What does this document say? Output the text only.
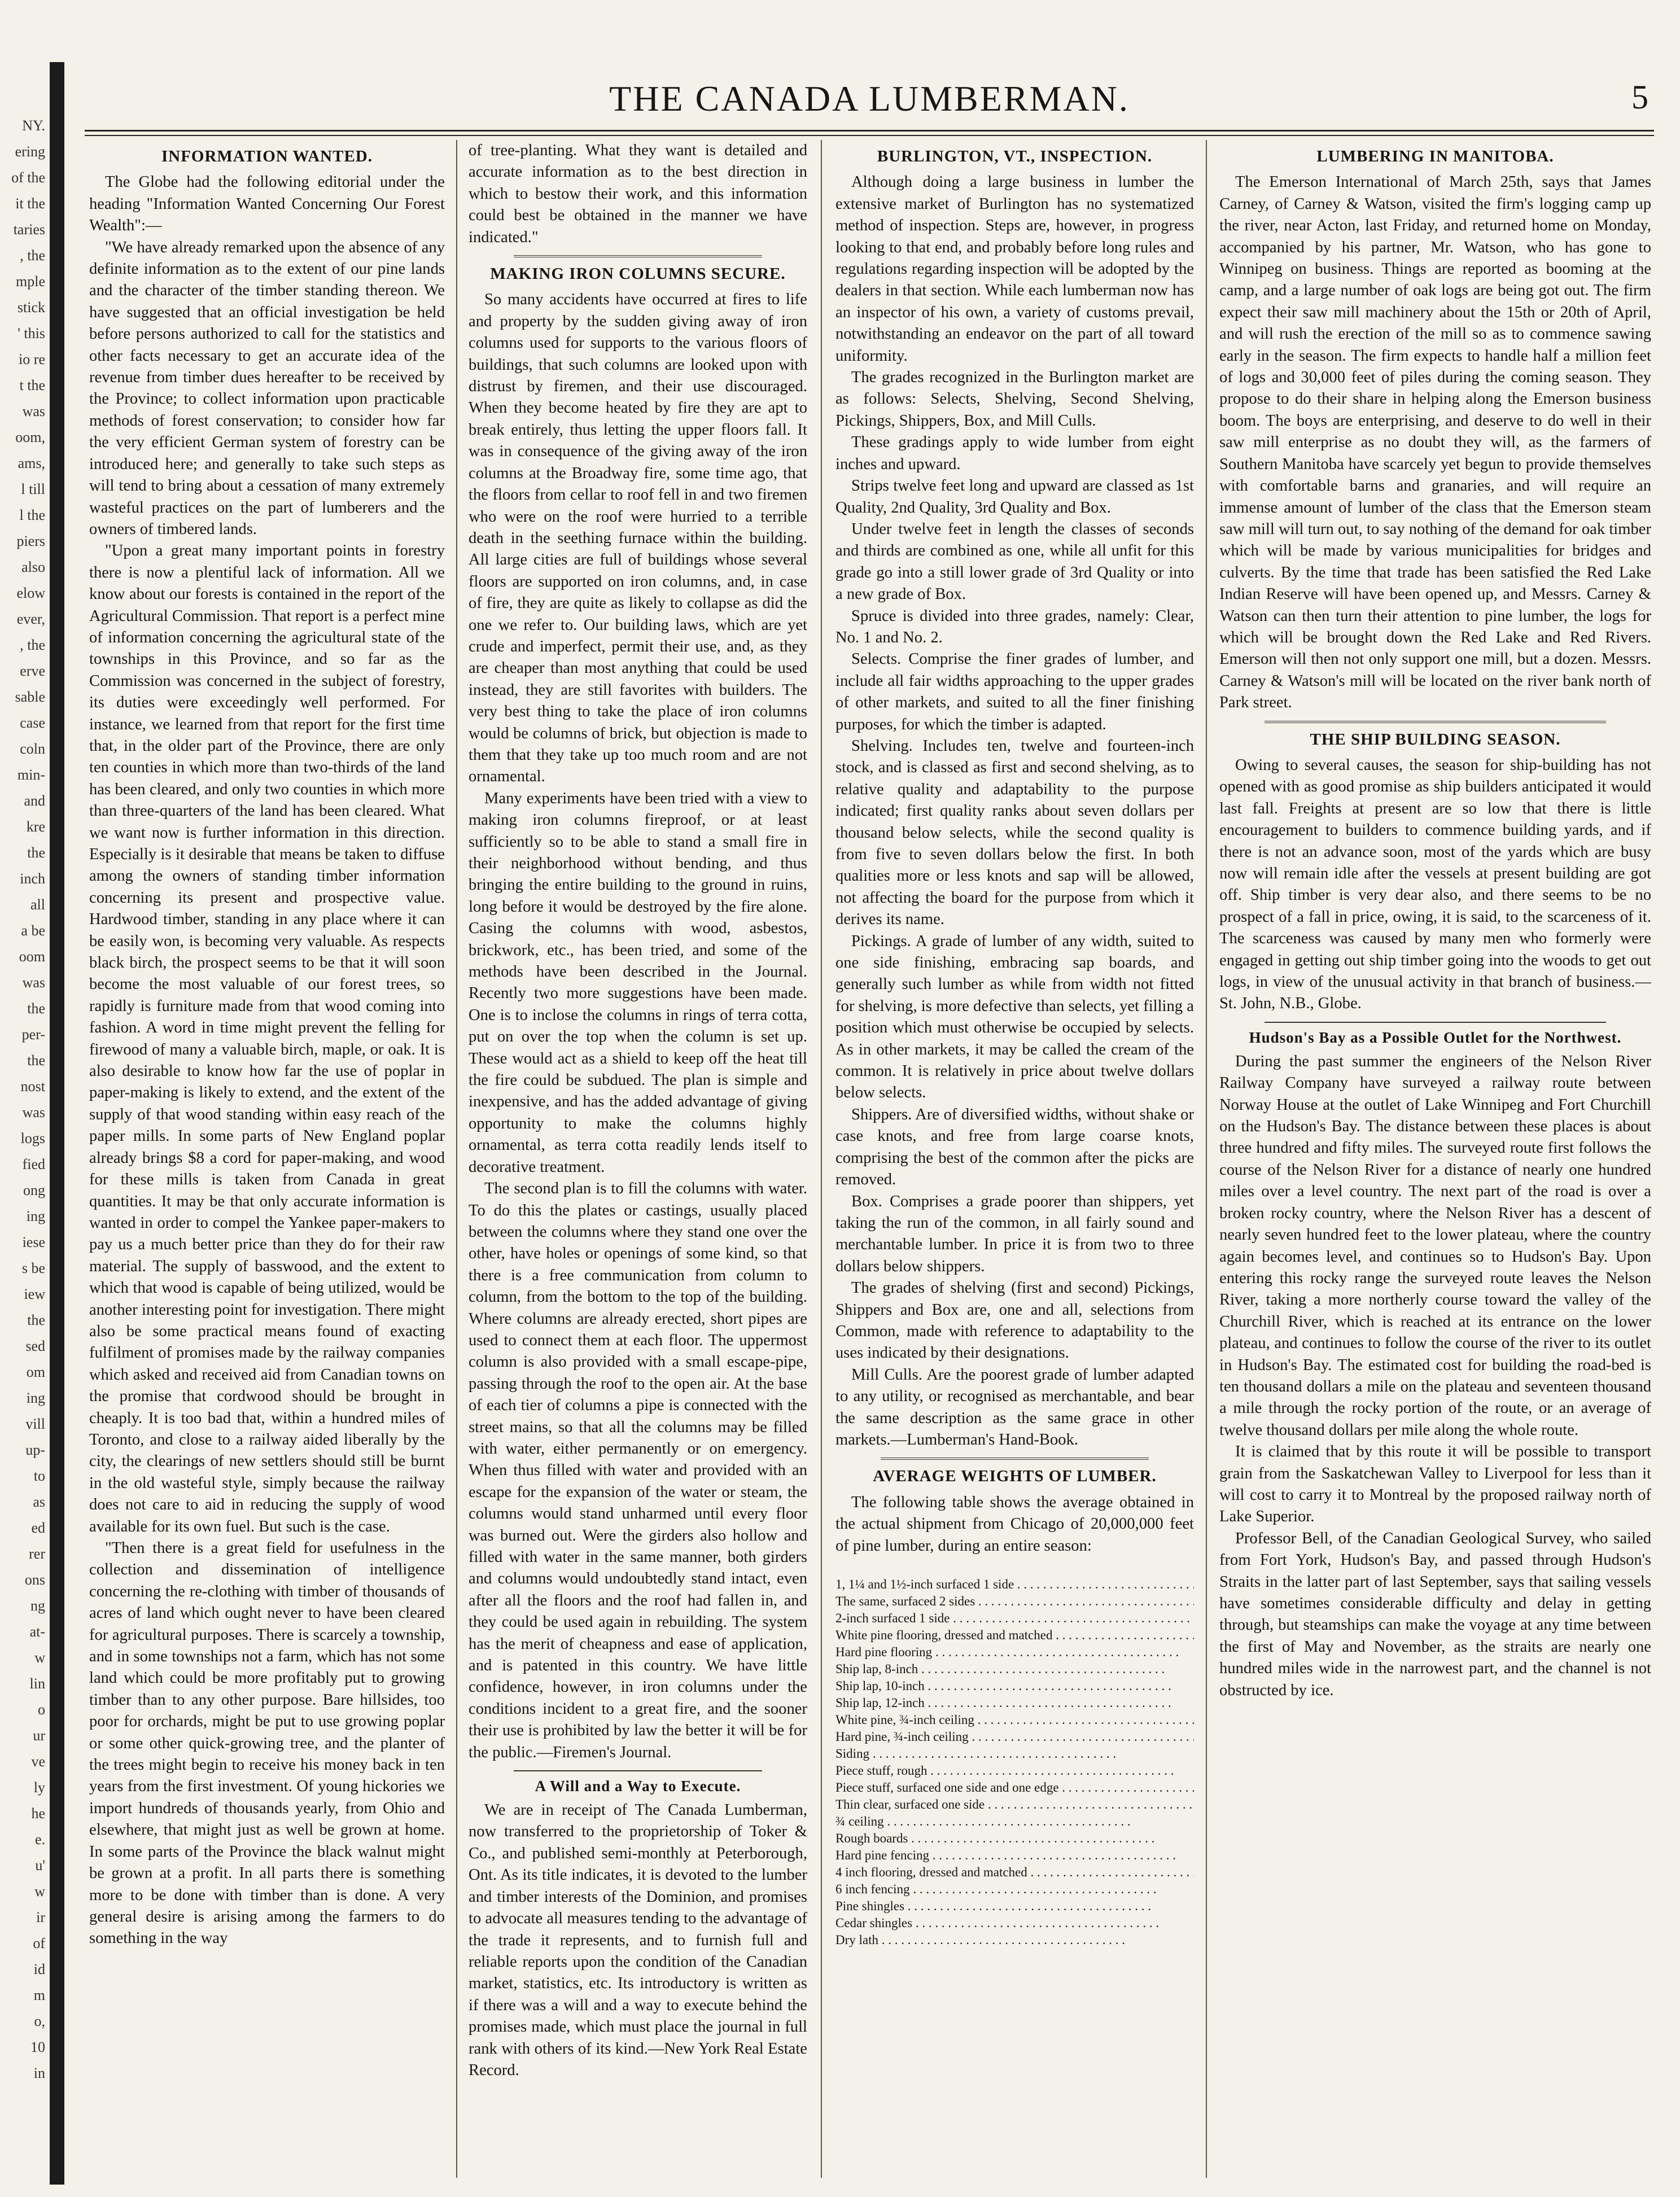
NY.
ering
of the
it the
taries
, the
mple
stick
' this
io re
t the
was
oom,
ams,
l till
l the
piers
also
elow
ever,
, the
erve
sable
case
coln
min-
and
kre
the
inch
all
a be
oom
was
the
per-
the
nost
was
logs
fied
ong
ing
iese
s be
iew
the
sed
om
ing
vill
up-
to
as
ed
rer
ons
ng
at-
w
lin
o
ur
ve
ly
he
e.
u'
w
ir
of
id
m
o,
10
in
THE CANADA LUMBERMAN.	5
INFORMATION WANTED.

The Globe had the following editorial under the heading "Information Wanted Concerning Our Forest Wealth":—

"We have already remarked upon the absence of any definite information as to the extent of our pine lands and the character of the timber standing thereon. We have suggested that an official investigation be held before persons authorized to call for the statistics and other facts necessary to get an accurate idea of the revenue from timber dues hereafter to be received by the Province; to collect information upon practicable methods of forest conservation; to consider how far the very efficient German system of forestry can be introduced here; and generally to take such steps as will tend to bring about a cessation of many extremely wasteful practices on the part of lumberers and the owners of timbered lands.

"Upon a great many important points in forestry there is now a plentiful lack of information. All we know about our forests is contained in the report of the Agricultural Commission. That report is a perfect mine of information concerning the agricultural state of the townships in this Province, and so far as the Commission was concerned in the subject of forestry, its duties were exceedingly well performed. For instance, we learned from that report for the first time that, in the older part of the Province, there are only ten counties in which more than two-thirds of the land has been cleared, and only two counties in which more than three-quarters of the land has been cleared. What we want now is further information in this direction. Especially is it desirable that means be taken to diffuse among the owners of standing timber information concerning its present and prospective value. Hardwood timber, standing in any place where it can be easily won, is becoming very valuable. As respects black birch, the prospect seems to be that it will soon become the most valuable of our forest trees, so rapidly is furniture made from that wood coming into fashion. A word in time might prevent the felling for firewood of many a valuable birch, maple, or oak. It is also desirable to know how far the use of poplar in paper-making is likely to extend, and the extent of the supply of that wood standing within easy reach of the paper mills. In some parts of New England poplar already brings $8 a cord for paper-making, and wood for these mills is taken from Canada in great quantities. It may be that only accurate information is wanted in order to compel the Yankee paper-makers to pay us a much better price than they do for their raw material. The supply of basswood, and the extent to which that wood is capable of being utilized, would be another interesting point for investigation. There might also be some practical means found of exacting fulfilment of promises made by the railway companies which asked and received aid from Canadian towns on the promise that cordwood should be brought in cheaply. It is too bad that, within a hundred miles of Toronto, and close to a railway aided liberally by the city, the clearings of new settlers should still be burnt in the old wasteful style, simply because the railway does not care to aid in reducing the supply of wood available for its own fuel. But such is the case.

"Then there is a great field for usefulness in the collection and dissemination of intelligence concerning the re-clothing with timber of thousands of acres of land which ought never to have been cleared for agricultural purposes. There is scarcely a township, and in some townships not a farm, which has not some land which could be more profitably put to growing timber than to any other purpose. Bare hillsides, too poor for orchards, might be put to use growing poplar or some other quick-growing tree, and the planter of the trees might begin to receive his money back in ten years from the first investment. Of young hickories we import hundreds of thousands yearly, from Ohio and elsewhere, that might just as well be grown at home. In some parts of the Province the black walnut might be grown at a profit. In all parts there is something more to be done with timber than is done. A very general desire is arising among the farmers to do something in the way

of tree-planting. What they want is detailed and accurate information as to the best direction in which to bestow their work, and this information could best be obtained in the manner we have indicated."

MAKING IRON COLUMNS SECURE.

So many accidents have occurred at fires to life and property by the sudden giving away of iron columns used for supports to the various floors of buildings, that such columns are looked upon with distrust by firemen, and their use discouraged. When they become heated by fire they are apt to break entirely, thus letting the upper floors fall. It was in consequence of the giving away of the iron columns at the Broadway fire, some time ago, that the floors from cellar to roof fell in and two firemen who were on the roof were hurried to a terrible death in the seething furnace within the building. All large cities are full of buildings whose several floors are supported on iron columns, and, in case of fire, they are quite as likely to collapse as did the one we refer to. Our building laws, which are yet crude and imperfect, permit their use, and, as they are cheaper than most anything that could be used instead, they are still favorites with builders. The very best thing to take the place of iron columns would be columns of brick, but objection is made to them that they take up too much room and are not ornamental.

Many experiments have been tried with a view to making iron columns fireproof, or at least sufficiently so to be able to stand a small fire in their neighborhood without bending, and thus bringing the entire building to the ground in ruins, long before it would be destroyed by the fire alone. Casing the columns with wood, asbestos, brickwork, etc., has been tried, and some of the methods have been described in the Journal. Recently two more suggestions have been made. One is to inclose the columns in rings of terra cotta, put on over the top when the column is set up. These would act as a shield to keep off the heat till the fire could be subdued. The plan is simple and inexpensive, and has the added advantage of giving opportunity to make the columns highly ornamental, as terra cotta readily lends itself to decorative treatment.

The second plan is to fill the columns with water. To do this the plates or castings, usually placed between the columns where they stand one over the other, have holes or openings of some kind, so that there is a free communication from column to column, from the bottom to the top of the building. Where columns are already erected, short pipes are used to connect them at each floor. The uppermost column is also provided with a small escape-pipe, passing through the roof to the open air. At the base of each tier of columns a pipe is connected with the street mains, so that all the columns may be filled with water, either permanently or on emergency. When thus filled with water and provided with an escape for the expansion of the water or steam, the columns would stand unharmed until every floor was burned out. Were the girders also hollow and filled with water in the same manner, both girders and columns would undoubtedly stand intact, even after all the floors and the roof had fallen in, and they could be used again in rebuilding. The system has the merit of cheapness and ease of application, and is patented in this country. We have little confidence, however, in iron columns under the conditions incident to a great fire, and the sooner their use is prohibited by law the better it will be for the public.—Firemen's Journal.

A Will and a Way to Execute.

We are in receipt of The Canada Lumberman, now transferred to the proprietorship of Toker & Co., and published semi-monthly at Peterborough, Ont. As its title indicates, it is devoted to the lumber and timber interests of the Dominion, and promises to advocate all measures tending to the advantage of the trade it represents, and to furnish full and reliable reports upon the condition of the Canadian market, statistics, etc. Its introductory is written as if there was a will and a way to execute behind the promises made, which must place the journal in full rank with others of its kind.—New York Real Estate Record.

BURLINGTON, VT., INSPECTION.

Although doing a large business in lumber the extensive market of Burlington has no systematized method of inspection. Steps are, however, in progress looking to that end, and probably before long rules and regulations regarding inspection will be adopted by the dealers in that section. While each lumberman now has an inspector of his own, a variety of customs prevail, notwithstanding an endeavor on the part of all toward uniformity.

The grades recognized in the Burlington market are as follows: Selects, Shelving, Second Shelving, Pickings, Shippers, Box, and Mill Culls.

These gradings apply to wide lumber from eight inches and upward.

Strips twelve feet long and upward are classed as 1st Quality, 2nd Quality, 3rd Quality and Box.

Under twelve feet in length the classes of seconds and thirds are combined as one, while all unfit for this grade go into a still lower grade of 3rd Quality or into a new grade of Box.

Spruce is divided into three grades, namely: Clear, No. 1 and No. 2.

Selects. Comprise the finer grades of lumber, and include all fair widths approaching to the upper grades of other markets, and suited to all the finer finishing purposes, for which the timber is adapted.

Shelving. Includes ten, twelve and fourteen-inch stock, and is classed as first and second shelving, as to relative quality and adaptability to the purpose indicated; first quality ranks about seven dollars per thousand below selects, while the second quality is from five to seven dollars below the first. In both qualities more or less knots and sap will be allowed, not affecting the board for the purpose from which it derives its name.

Pickings. A grade of lumber of any width, suited to one side finishing, embracing sap boards, and generally such lumber as while from width not fitted for shelving, is more defective than selects, yet filling a position which must otherwise be occupied by selects. As in other markets, it may be called the cream of the common. It is relatively in price about twelve dollars below selects.

Shippers. Are of diversified widths, without shake or case knots, and free from large coarse knots, comprising the best of the common after the picks are removed.

Box. Comprises a grade poorer than shippers, yet taking the run of the common, in all fairly sound and merchantable lumber. In price it is from two to three dollars below shippers.

The grades of shelving (first and second) Pickings, Shippers and Box are, one and all, selections from Common, made with reference to adaptability to the uses indicated by their designations.

Mill Culls. Are the poorest grade of lumber adapted to any utility, or recognised as merchantable, and bear the same description as the same grace in other markets.—Lumberman's Hand-Book.

AVERAGE WEIGHTS OF LUMBER.

The following table shows the average obtained in the actual shipment from Chicago of 20,000,000 feet of pine lumber, during an entire season:

1, 1¼ and 1½-inch surfaced 1 side . . .	
The same, surfaced 2 sides . . .	
2-inch surfaced 1 side . . .	
White pine flooring, dressed and matched . . .	
Hard pine flooring . . .	
Ship lap, 8-inch . . .	
Ship lap, 10-inch . . .	
Ship lap, 12-inch . . .	
White pine, ¾-inch ceiling . . .	
Hard pine, ¾-inch ceiling . . .	
Siding . . .	
Piece stuff, rough . . .	
Piece stuff, surfaced one side and one edge . . .	
Thin clear, surfaced one side . . .	
¾ ceiling . . .	
Rough boards . . .	
Hard pine fencing . . .	
4 inch flooring, dressed and matched . . .	
6 inch fencing . . .	
Pine shingles . . .	
Cedar shingles . . .	
Dry lath . . .	
LUMBERING IN MANITOBA.

The Emerson International of March 25th, says that James Carney, of Carney & Watson, visited the firm's logging camp up the river, near Acton, last Friday, and returned home on Monday, accompanied by his partner, Mr. Watson, who has gone to Winnipeg on business. Things are reported as booming at the camp, and a large number of oak logs are being got out. The firm expect their saw mill machinery about the 15th or 20th of April, and will rush the erection of the mill so as to commence sawing early in the season. The firm expects to handle half a million feet of logs and 30,000 feet of piles during the coming season. They propose to do their share in helping along the Emerson business boom. The boys are enterprising, and deserve to do well in their saw mill enterprise as no doubt they will, as the farmers of Southern Manitoba have scarcely yet begun to provide themselves with comfortable barns and granaries, and will require an immense amount of lumber of the class that the Emerson steam saw mill will turn out, to say nothing of the demand for oak timber which will be made by various municipalities for bridges and culverts. By the time that trade has been satisfied the Red Lake Indian Reserve will have been opened up, and Messrs. Carney & Watson can then turn their attention to pine lumber, the logs for which will be brought down the Red Lake and Red Rivers. Emerson will then not only support one mill, but a dozen. Messrs. Carney & Watson's mill will be located on the river bank north of Park street.

THE SHIP BUILDING SEASON.

Owing to several causes, the season for ship-building has not opened with as good promise as ship builders anticipated it would last fall. Freights at present are so low that there is little encouragement to builders to commence building yards, and if there is not an advance soon, most of the yards which are busy now will remain idle after the vessels at present building are got off. Ship timber is very dear also, and there seems to be no prospect of a fall in price, owing, it is said, to the scarceness of it. The scarceness was caused by many men who formerly were engaged in getting out ship timber going into the woods to get out logs, in view of the unusual activity in that branch of business.—St. John, N.B., Globe.

Hudson's Bay as a Possible Outlet for the Northwest.

During the past summer the engineers of the Nelson River Railway Company have surveyed a railway route between Norway House at the outlet of Lake Winnipeg and Fort Churchill on the Hudson's Bay. The distance between these places is about three hundred and fifty miles. The surveyed route first follows the course of the Nelson River for a distance of nearly one hundred miles over a level country. The next part of the road is over a broken rocky country, where the Nelson River has a descent of nearly seven hundred feet to the lower plateau, where the country again becomes level, and continues so to Hudson's Bay. Upon entering this rocky range the surveyed route leaves the Nelson River, taking a more northerly course toward the valley of the Churchill River, which is reached at its entrance on the lower plateau, and continues to follow the course of the river to its outlet in Hudson's Bay. The estimated cost for building the road-bed is ten thousand dollars a mile on the plateau and seventeen thousand a mile through the rocky portion of the route, or an average of twelve thousand dollars per mile along the whole route.

It is claimed that by this route it will be possible to transport grain from the Saskatchewan Valley to Liverpool for less than it will cost to carry it to Montreal by the proposed railway north of Lake Superior.

Professor Bell, of the Canadian Geological Survey, who sailed from Fort York, Hudson's Bay, and passed through Hudson's Straits in the latter part of last September, says that sailing vessels have sometimes considerable difficulty and delay in getting through, but steamships can make the voyage at any time between the first of May and November, as the straits are nearly one hundred miles wide in the narrowest part, and the channel is not obstructed by ice.
